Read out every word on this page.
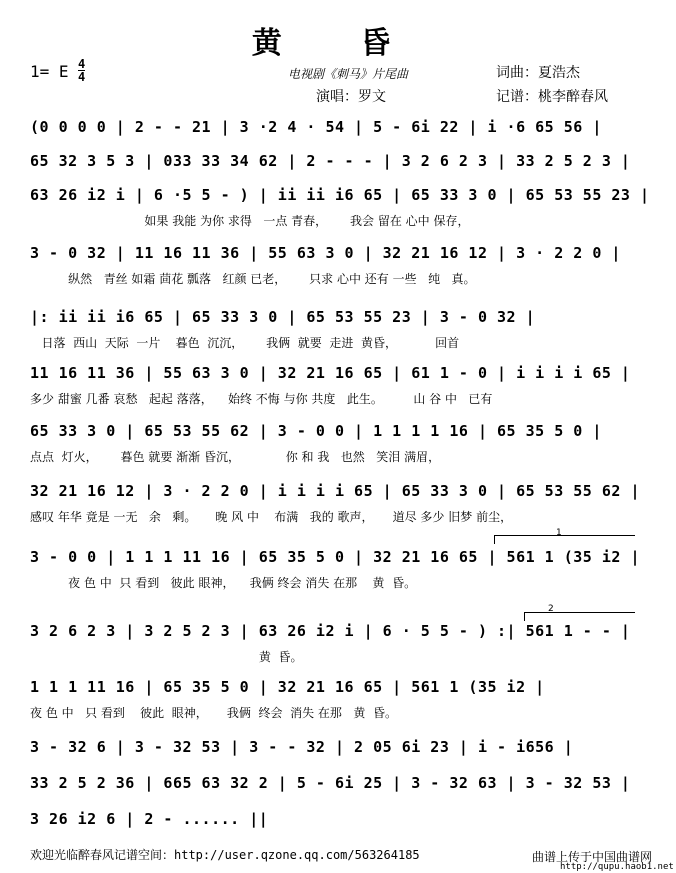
黄 昏
1= E 4
4	电视剧《刺马》片尾曲	词曲：夏浩杰
演唱：罗文	记谱：桃李醉春风
(0 0 0 0 | 2 - - 21 | 3 ·2 4 · 54 | 5 - 6i 22 | i ·6 65 56 |
65 32 3 5 3 | 033 33 34 62 | 2 - - - | 3 2 6 2 3 | 33 2 5 2 3 |
63 26 i2 i | 6 ·5 5 - ) | ii ii i6 65 | 65 33 3 0 | 65 53 55 23 |
如果 我能 为你 求得   一点 青春，      我会 留在 心中 保存，
3 - 0 32 | 11 16 11 36 | 55 63 3 0 | 32 21 16 12 | 3 · 2 2 0 |
纵然   青丝 如霜 茴花 瓢落   红颜 已老，      只求 心中 还有 一些   纯   真。
|: ii ii i6 65 | 65 33 3 0 | 65 53 55 23 | 3 - 0 32 |
日落  西山  天际  一片    暮色  沉沉，      我俩  就要  走进  黄昏，          回首
11 16 11 36 | 55 63 3 0 | 32 21 16 65 | 61 1 - 0 | i i i i 65 |
多少 甜蜜 几番 哀愁   起起 落落，    始终 不悔 与你 共度   此生。        山 谷 中   已有
65 33 3 0 | 65 53 55 62 | 3 - 0 0 | 1 1 1 1 16 | 65 35 5 0 |
点点  灯火，      暮色 就要 渐渐 昏沉，            你 和 我   也然   笑泪 满眉，
32 21 16 12 | 3 · 2 2 0 | i i i i 65 | 65 33 3 0 | 65 53 55 62 |
感叹 年华 竟是 一无   余   剩。     晚 风 中    布满   我的 歌声，     道尽 多少 旧梦 前尘，
3 - 0 0 | 1 1 1 11 16 | 65 35 5 0 | 32 21 16 65 | 561 1 (35 i2 |
夜 色 中  只 看到   彼此 眼神，    我俩 终会 消失 在那    黄  昏。
3 2 6 2 3 | 3 2 5 2 3 | 63 26 i2 i | 6 · 5 5 - ) :| 561 1 - - |
黄  昏。
1 1 1 11 16 | 65 35 5 0 | 32 21 16 65 | 561 1 (35 i2 |
夜 色 中   只 看到    彼此  眼神，     我俩  终会  消失 在那   黄  昏。
3 - 32 6 | 3 - 32 53 | 3 - - 32 | 2 05 6i 23 | i - i656 |
33 2 5 2 36 | 665 63 32 2 | 5 - 6i 25 | 3 - 32 63 | 3 - 32 53 |
3 26 i2 6 | 2 - ...... ||
1
2
欢迎光临醉春风记谱空间：http://user.qzone.qq.com/563264185	曲谱上传于中国曲谱网
http://qupu.haob1.net
